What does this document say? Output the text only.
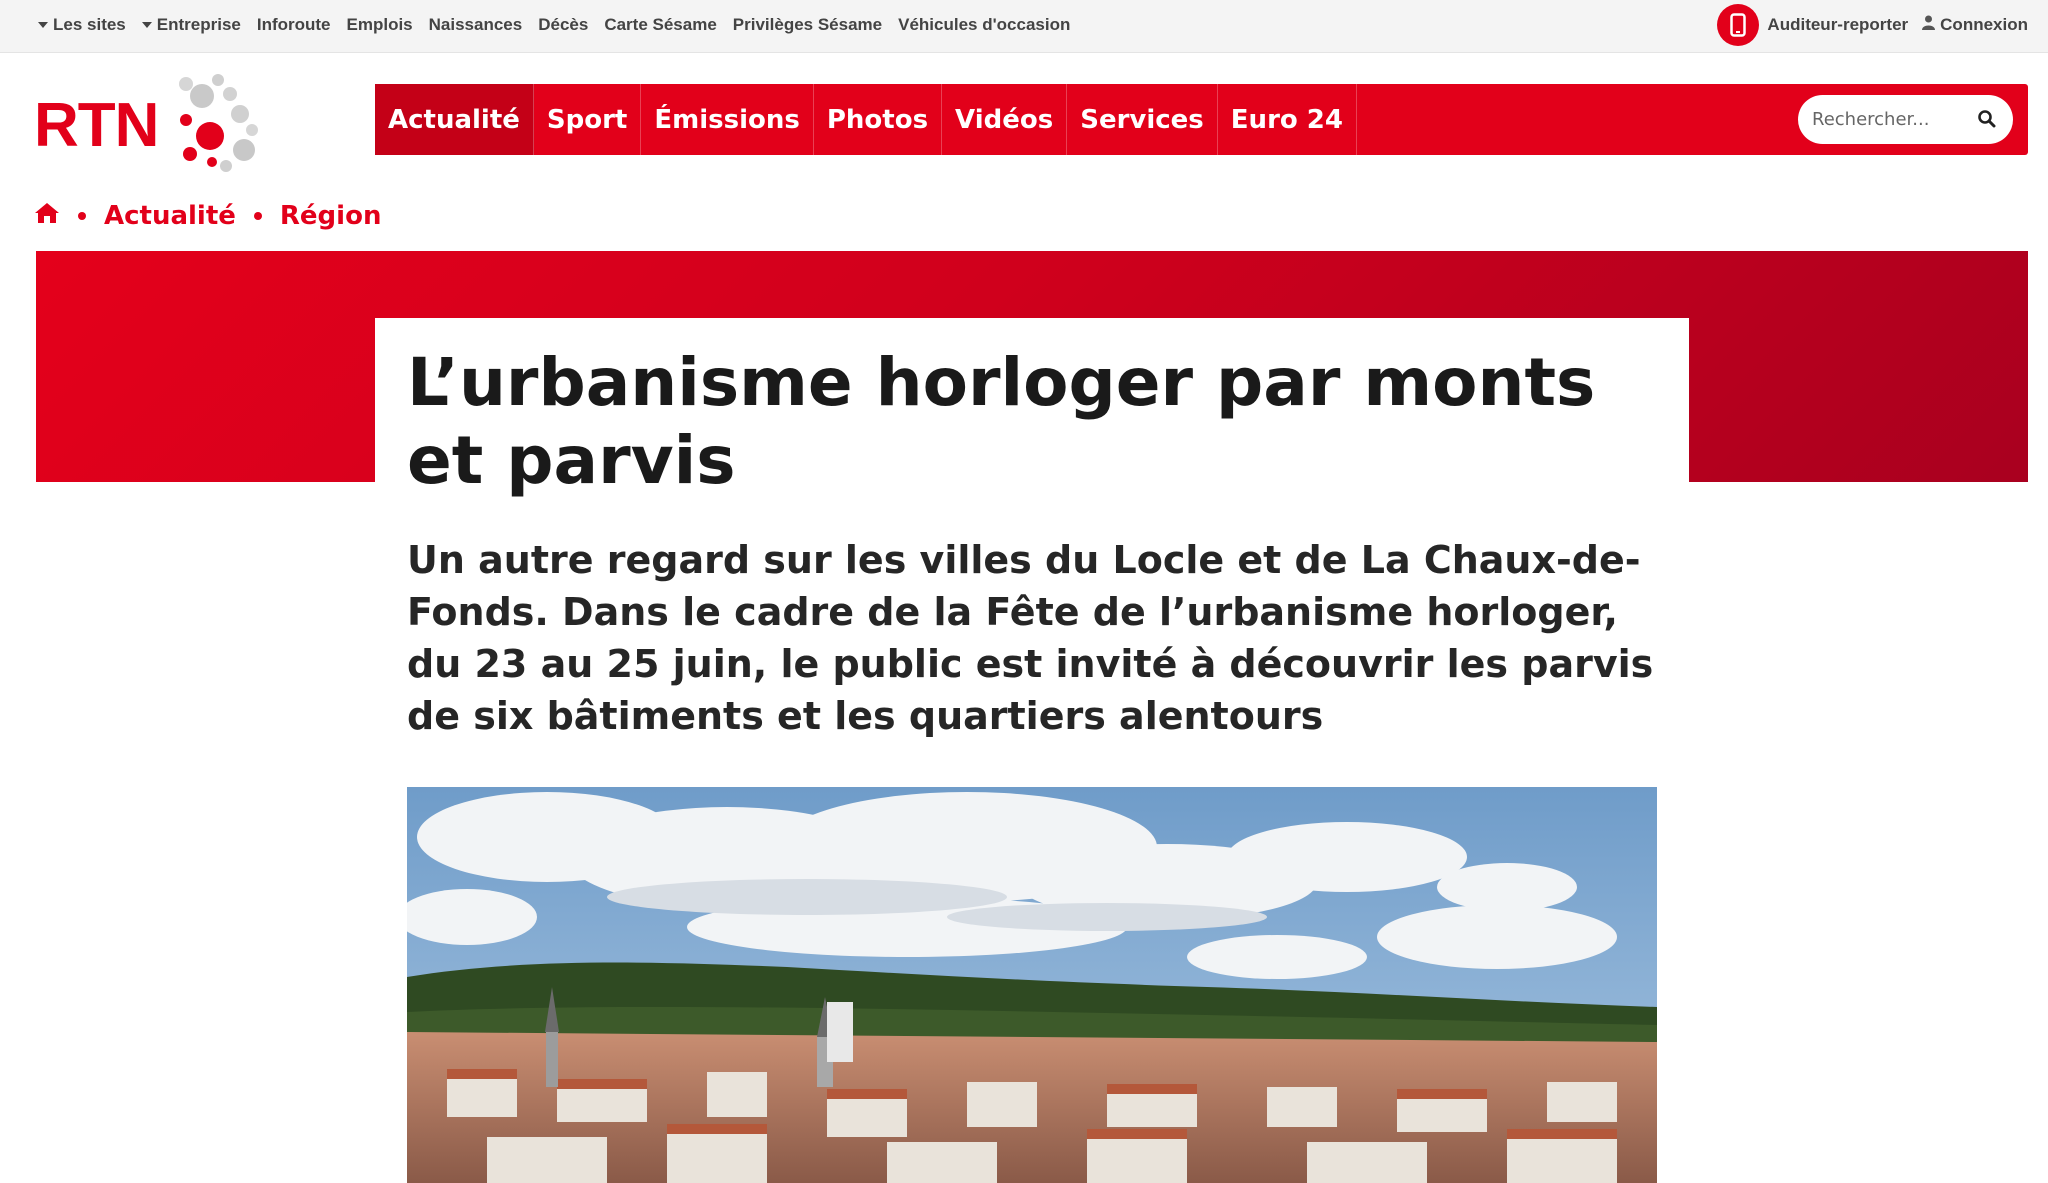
Les sites	Entreprise Inforoute Emplois Naissances Décès Carte Sésame Privilèges Sésame Véhicules d'occasion	Auditeur-reporter Connexion
RTN	Actualité	Sport	Émissions	Photos	Vidéos	Services	Euro 24
Rechercher...
Actualité Région
L’urbanisme horloger par monts et parvis

Un autre regard sur les villes du Locle et de La Chaux-de-Fonds. Dans le cadre de la Fête de l’urbanisme horloger, du 23 au 25 juin, le public est invité à découvrir les parvis de six bâtiments et les quartiers alentours
